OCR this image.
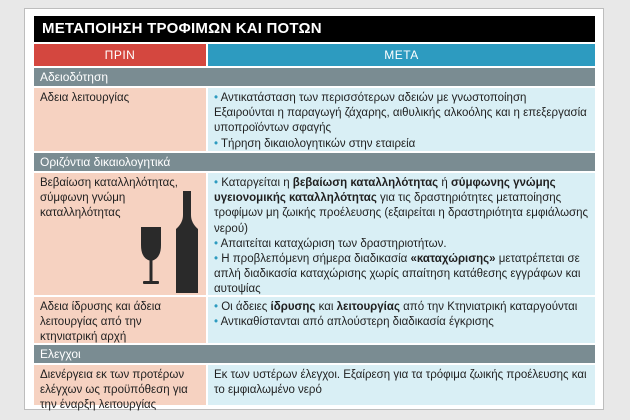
ΜΕΤΑΠΟΙΗΣΗ ΤΡΟΦΙΜΩΝ ΚΑΙ ΠΟΤΩΝ
ΠΡΙΝ	ΜΕΤΑ
Αδειοδότηση
Αδεια λειτουργίας	• Αντικατάσταση των περισσότερων αδειών με γνωστοποίηση
Εξαιρούνται η παραγωγή ζάχαρης, αιθυλικής αλκοόλης και η επεξεργασία υποπροϊόντων σφαγής
• Τήρηση δικαιολογητικών στην εταιρεία
Οριζόντια δικαιολογητικά
Βεβαίωση καταλληλότητας, σύμφωνη γνώμη καταλληλότητας
• Καταργείται η βεβαίωση καταλληλότητας ή σύμφωνης γνώμης υγειονομικής καταλληλότητας για τις δραστηριότητες μεταποίησης τροφίμων μη ζωικής προέλευσης (εξαιρείται η δραστηριότητα εμφιάλωσης νερού)
• Απαιτείται καταχώριση των δραστηριοτήτων.
• Η προβλεπόμενη σήμερα διαδικασία «καταχώρισης» μετατρέπεται σε απλή διαδικασία καταχώρισης χωρίς απαίτηση κατάθεσης εγγράφων και αυτοψίας
Αδεια ίδρυσης και άδεια λειτουργίας από την κτηνιατρική αρχή
• Οι άδειες ίδρυσης και λειτουργίας από την Κτηνιατρική καταργούνται
• Αντικαθίστανται από απλούστερη διαδικασία έγκρισης
Ελεγχοι
Διενέργεια εκ των προτέρων ελέγχων ως προϋπόθεση για την έναρξη λειτουργίας
Εκ των υστέρων έλεγχοι. Εξαίρεση για τα τρόφιμα ζωικής προέλευσης και το εμφιαλωμένο νερό
